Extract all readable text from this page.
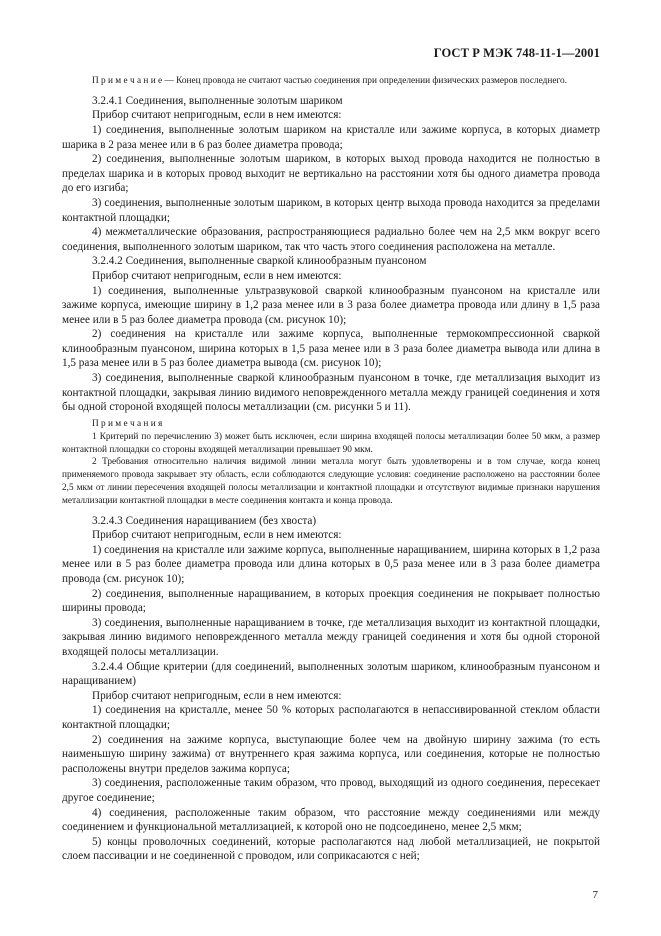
ГОСТ Р МЭК 748-11-1—2001

П р и м е ч а н и е — Конец провода не считают частью соединения при определении физических размеров последнего.

3.2.4.1 Соединения, выполненные золотым шариком

Прибор считают непригодным, если в нем имеются:

1) соединения, выполненные золотым шариком на кристалле или зажиме корпуса, в которых диаметр шарика в 2 раза менее или в 6 раз более диаметра провода;

2) соединения, выполненные золотым шариком, в которых выход провода находится не полностью в пределах шарика и в которых провод выходит не вертикально на расстоянии хотя бы одного диаметра провода до его изгиба;

3) соединения, выполненные золотым шариком, в которых центр выхода провода находится за пределами контактной площадки;

4) межметаллические образования, распространяющиеся радиально более чем на 2,5 мкм вокруг всего соединения, выполненного золотым шариком, так что часть этого соединения расположена на металле.

3.2.4.2 Соединения, выполненные сваркой клинообразным пуансоном

Прибор считают непригодным, если в нем имеются:

1) соединения, выполненные ультразвуковой сваркой клинообразным пуансоном на кристалле или зажиме корпуса, имеющие ширину в 1,2 раза менее или в 3 раза более диаметра провода или длину в 1,5 раза менее или в 5 раз более диаметра провода (см. рисунок 10);

2) соединения на кристалле или зажиме корпуса, выполненные термокомпрессионной сваркой клинообразным пуансоном, ширина которых в 1,5 раза менее или в 3 раза более диаметра вывода или длина в 1,5 раза менее или в 5 раз более диаметра вывода (см. рисунок 10);

3) соединения, выполненные сваркой клинообразным пуансоном в точке, где металлизация выходит из контактной площадки, закрывая линию видимого неповрежденного металла между границей соединения и хотя бы одной стороной входящей полосы металлизации (см. рисунки 5 и 11).

П р и м е ч а н и я

1 Критерий по перечислению 3) может быть исключен, если ширина входящей полосы металлизации более 50 мкм, а размер контактной площадки со стороны входящей металлизации превышает 90 мкм.

2 Требования относительно наличия видимой линии металла могут быть удовлетворены и в том случае, когда конец применяемого провода закрывает эту область, если соблюдаются следующие условия: соединение расположено на расстоянии более 2,5 мкм от линии пересечения входящей полосы металлизации и контактной площадки и отсутствуют видимые признаки нарушения металлизации контактной площадки в месте соединения контакта и конца провода.

3.2.4.3 Соединения наращиванием (без хвоста)

Прибор считают непригодным, если в нем имеются:

1) соединения на кристалле или зажиме корпуса, выполненные наращиванием, ширина которых в 1,2 раза менее или в 5 раз более диаметра провода или длина которых в 0,5 раза менее или в 3 раза более диаметра провода (см. рисунок 10);

2) соединения, выполненные наращиванием, в которых проекция соединения не покрывает полностью ширины провода;

3) соединения, выполненные наращиванием в точке, где металлизация выходит из контактной площадки, закрывая линию видимого неповрежденного металла между границей соединения и хотя бы одной стороной входящей полосы металлизации.

3.2.4.4 Общие критерии (для соединений, выполненных золотым шариком, клинообразным пуансоном и наращиванием)

Прибор считают непригодным, если в нем имеются:

1) соединения на кристалле, менее 50 % которых располагаются в непассивированной стеклом области контактной площадки;

2) соединения на зажиме корпуса, выступающие более чем на двойную ширину зажима (то есть наименьшую ширину зажима) от внутреннего края зажима корпуса, или соединения, которые не полностью расположены внутри пределов зажима корпуса;

3) соединения, расположенные таким образом, что провод, выходящий из одного соединения, пересекает другое соединение;

4) соединения, расположенные таким образом, что расстояние между соединениями или между соединением и функциональной металлизацией, к которой оно не подсоединено, менее 2,5 мкм;

5) концы проволочных соединений, которые располагаются над любой металлизацией, не покрытой слоем пассивации и не соединенной с проводом, или соприкасаются с ней;

7
